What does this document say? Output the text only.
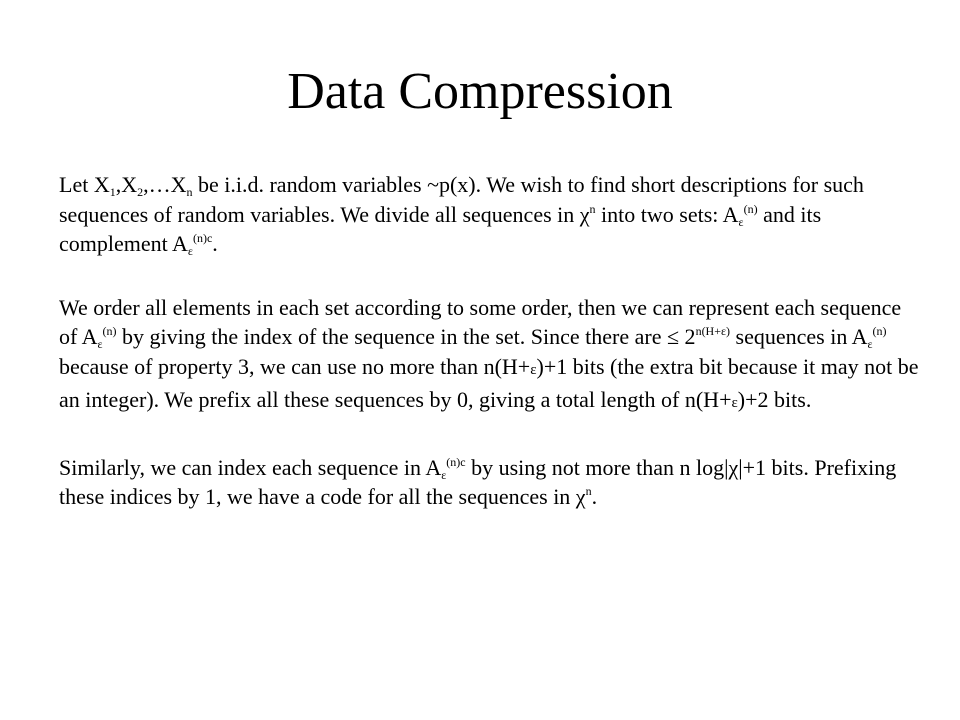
Data Compression

Let $X_1,X_2,\dots X_n$ be i.i.d. random variables ~p(x). We wish to find short descriptions for such sequences of random variables. We divide all sequences in $\chi^n$ into two sets: $A_\varepsilon^{(n)}$ and its complement $A_\varepsilon^{(n)c}$.

We order all elements in each set according to some order, then we can represent each sequence of $A_\varepsilon^{(n)}$ by giving the index of the sequence in the set. Since there are ≤ $2^{n(H+\varepsilon)}$ sequences in $A_\varepsilon^{(n)}$ because of property 3, we can use no more than n(H+ε)+1 bits (the extra bit because it may not be an integer). We prefix all these sequences by 0, giving a total length of n(H+ε)+2 bits.

Similarly, we can index each sequence in $A_\varepsilon^{(n)c}$ by using not more than n log|χ|+1 bits. Prefixing these indices by 1, we have a code for all the sequences in $\chi^n$.
